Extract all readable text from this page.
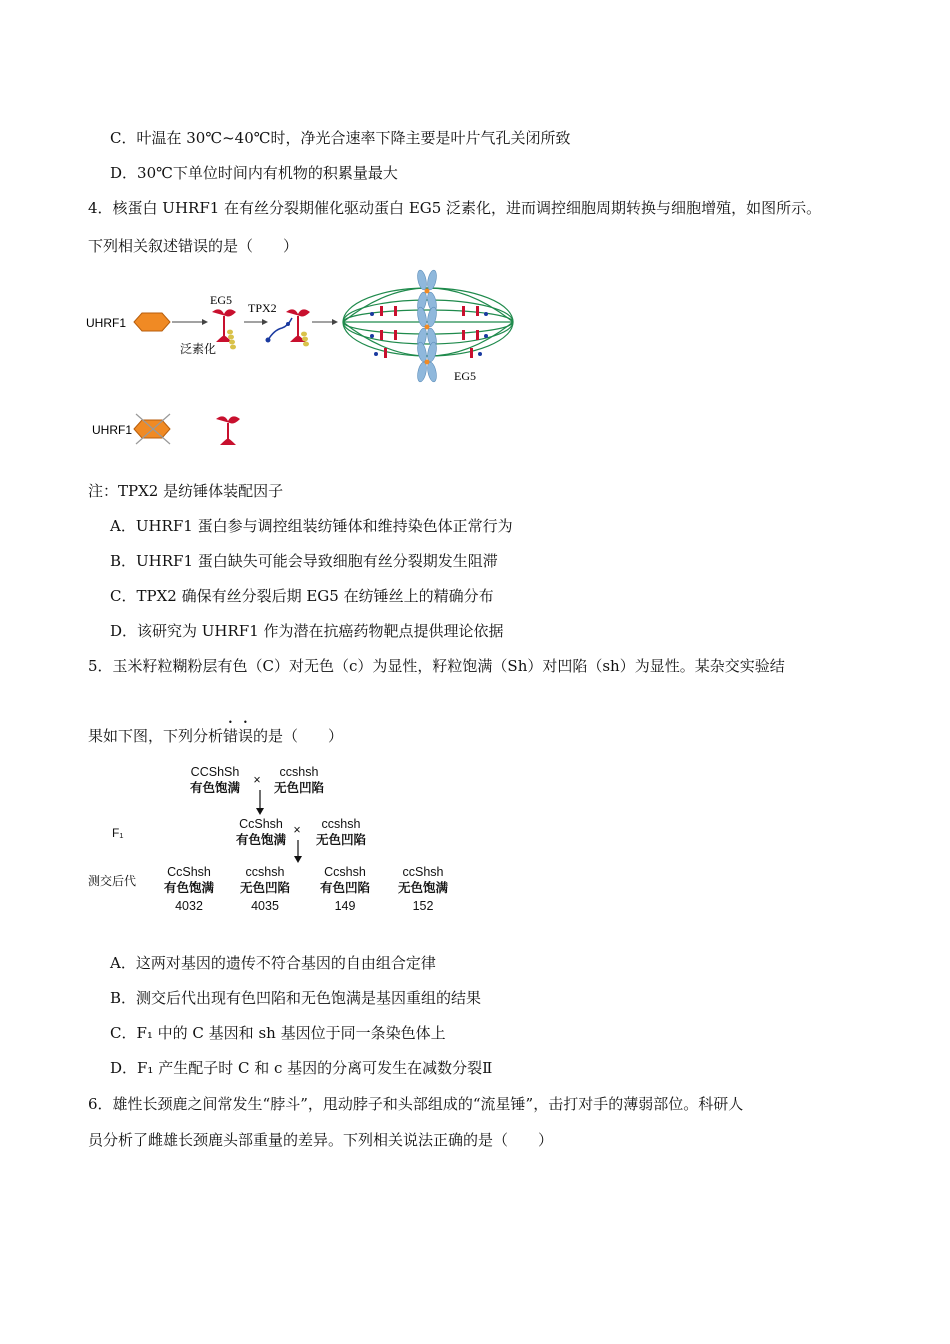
C．叶温在 30℃~40℃时，净光合速率下降主要是叶片气孔关闭所致
D．30℃下单位时间内有机物的积累量最大
4．核蛋白 UHRF1 在有丝分裂期催化驱动蛋白 EG5 泛素化，进而调控细胞周期转换与细胞增殖，如图所示。
下列相关叙述错误的是（　　）
UHRF1
EG5
泛素化
TPX2
EG5
UHRF1
注：TPX2 是纺锤体装配因子
A．UHRF1 蛋白参与调控组装纺锤体和维持染色体正常行为
B．UHRF1 蛋白缺失可能会导致细胞有丝分裂期发生阻滞
C．TPX2 确保有丝分裂后期 EG5 在纺锤丝上的精确分布
D．该研究为 UHRF1 作为潜在抗癌药物靶点提供理论依据
5．玉米籽粒糊粉层有色（C）对无色（c）为显性，籽粒饱满（Sh）对凹陷（sh）为显性。某杂交实验结
果如下图，下列分析错误的是（　　）
CCShSh
有色饱满
×
ccshsh
无色凹陷
F₁
CcShsh
有色饱满
×	ccshsh
无色凹陷
测交后代
CcShsh
有色饱满
4032
ccshsh
无色凹陷
4035
Ccshsh
有色凹陷
149
ccShsh
无色饱满
152
A．这两对基因的遗传不符合基因的自由组合定律
B．测交后代出现有色凹陷和无色饱满是基因重组的结果
C．F₁ 中的 C 基因和 sh 基因位于同一条染色体上
D．F₁ 产生配子时 C 和 c 基因的分离可发生在减数分裂Ⅱ
6．雄性长颈鹿之间常发生“脖斗”，甩动脖子和头部组成的“流星锤”，击打对手的薄弱部位。科研人
员分析了雌雄长颈鹿头部重量的差异。下列相关说法正确的是（　　）
